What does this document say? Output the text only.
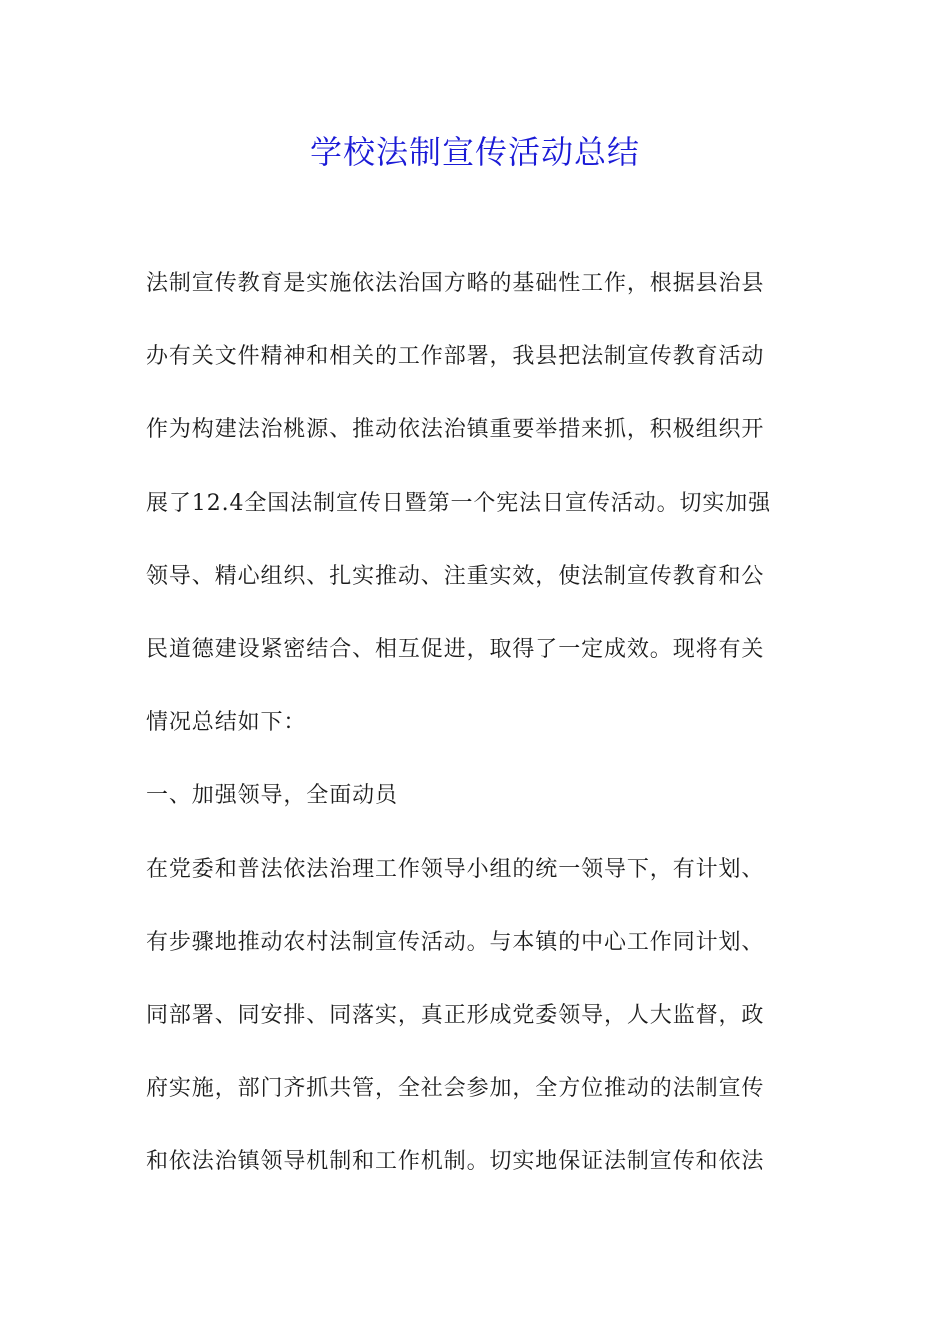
学校法制宣传活动总结
法制宣传教育是实施依法治国方略的基础性工作，根据县治县
办有关文件精神和相关的工作部署，我县把法制宣传教育活动
作为构建法治桃源、推动依法治镇重要举措来抓，积极组织开
展了12.4全国法制宣传日暨第一个宪法日宣传活动。切实加强
领导、精心组织、扎实推动、注重实效，使法制宣传教育和公
民道德建设紧密结合、相互促进，取得了一定成效。现将有关
情况总结如下：
一、加强领导，全面动员
在党委和普法依法治理工作领导小组的统一领导下，有计划、
有步骤地推动农村法制宣传活动。与本镇的中心工作同计划、
同部署、同安排、同落实，真正形成党委领导，人大监督，政
府实施，部门齐抓共管，全社会参加，全方位推动的法制宣传
和依法治镇领导机制和工作机制。切实地保证法制宣传和依法
